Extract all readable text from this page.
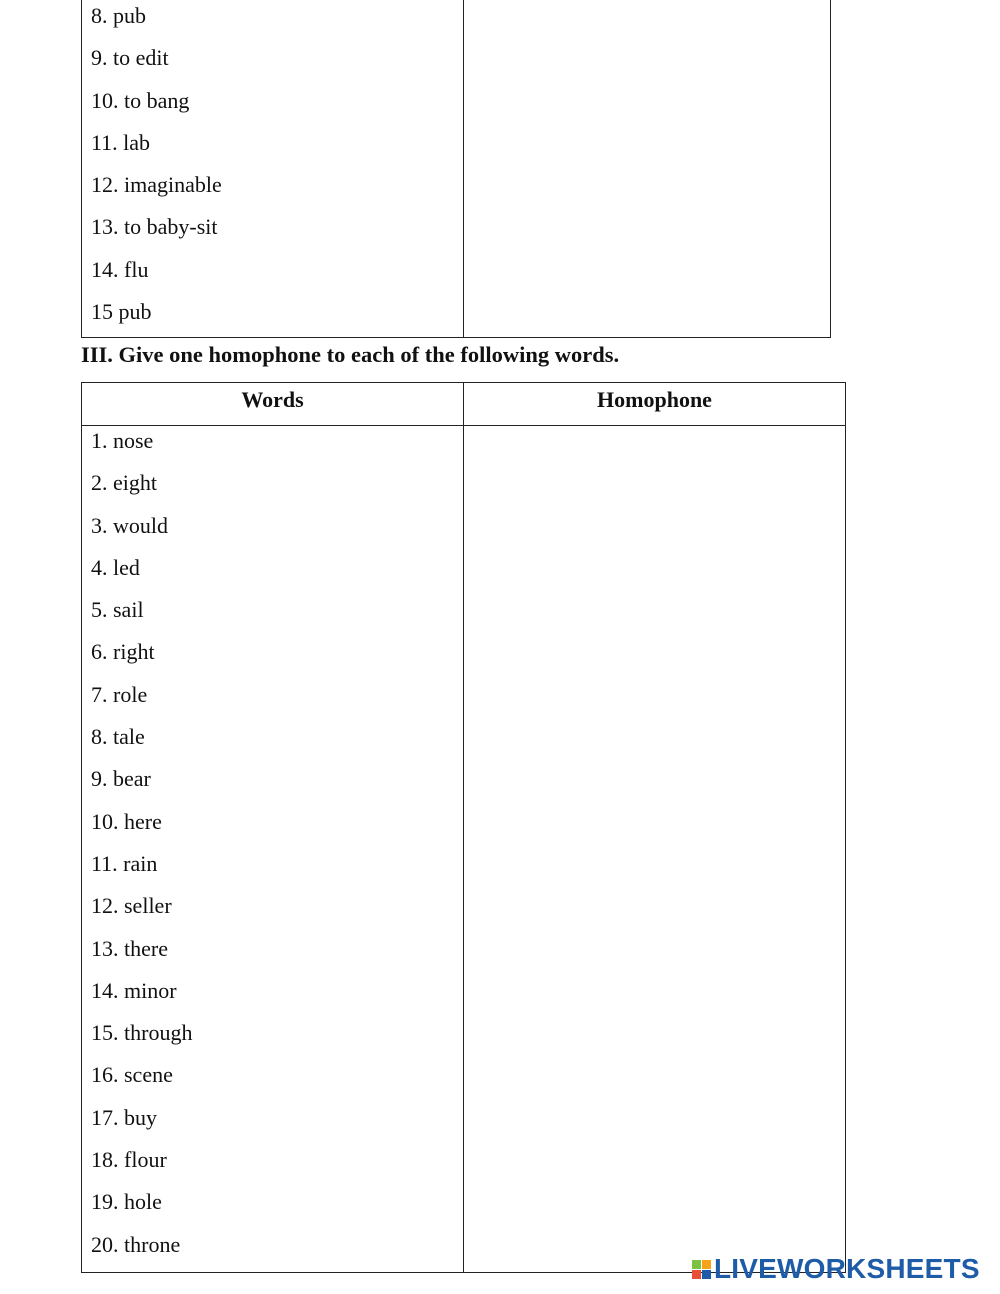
8. pub
9. to edit
10. to bang
11. lab
12. imaginable
13. to baby-sit
14. flu
15 pub
III. Give one homophone to each of the following words.
Words	Homophone
1. nose
2. eight
3. would
4. led
5. sail
6. right
7. role
8. tale
9. bear
10. here
11. rain
12. seller
13. there
14. minor
15. through
16. scene
17. buy
18. flour
19. hole
20. throne
LIVEWORKSHEETS
